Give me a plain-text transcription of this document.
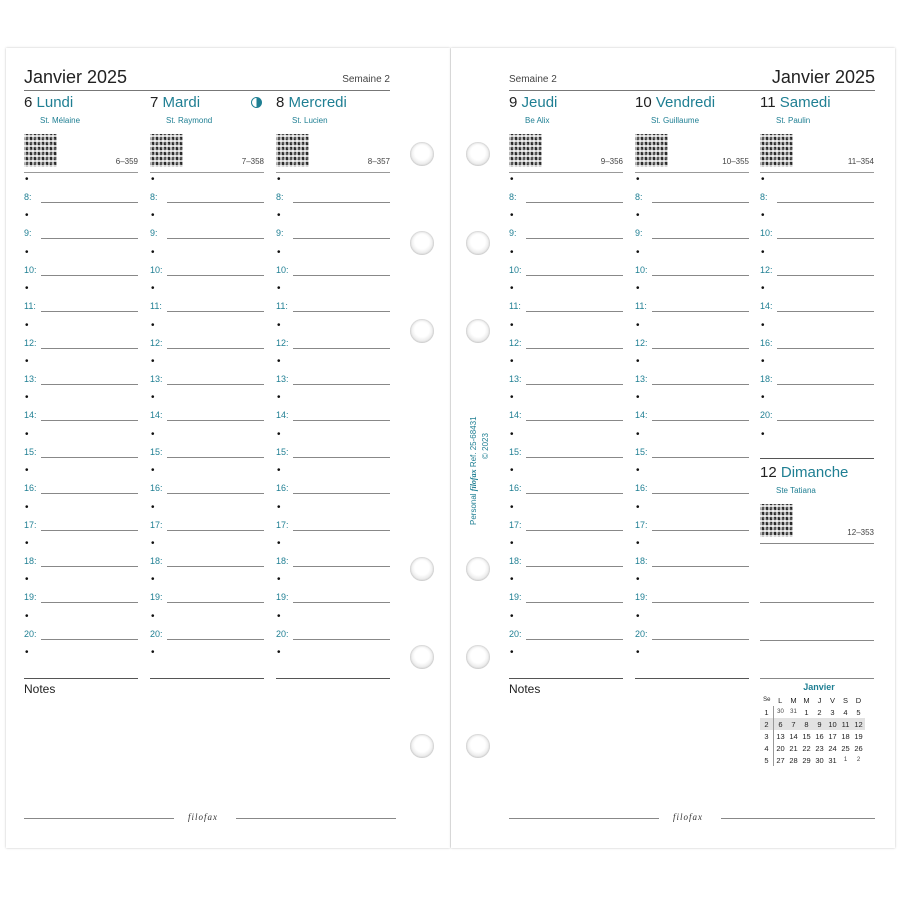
Janvier 2025	Semaine 2
6 Lundi
St. Mélaine
6–359
•
8:
•
9:
•
10:
•
11:
•
12:
•
13:
•
14:
•
15:
•
16:
•
17:
•
18:
•
19:
•
20:
•
7 Mardi
St. Raymond
7–358
•
8:
•
9:
•
10:
•
11:
•
12:
•
13:
•
14:
•
15:
•
16:
•
17:
•
18:
•
19:
•
20:
•
8 Mercredi
St. Lucien
8–357
•
8:
•
9:
•
10:
•
11:
•
12:
•
13:
•
14:
•
15:
•
16:
•
17:
•
18:
•
19:
•
20:
•
Notes
filofax
Semaine 2	Janvier 2025
9 Jeudi
Be Alix
9–356
•
8:
•
9:
•
10:
•
11:
•
12:
•
13:
•
14:
•
15:
•
16:
•
17:
•
18:
•
19:
•
20:
•
10 Vendredi
St. Guillaume
10–355
•
8:
•
9:
•
10:
•
11:
•
12:
•
13:
•
14:
•
15:
•
16:
•
17:
•
18:
•
19:
•
20:
•
11 Samedi
St. Paulin
11–354
•
8:
•
10:
•
12:
•
14:
•
16:
•
18:
•
20:
•
12 Dimanche
Ste Tatiana
12–353
Notes	Janvier
Se	L	M	M	J	V	S	D
1	30	31	1	2	3	4	5
2	6	7	8	9	10	11	12
3	13	14	15	16	17	18	19
4	20	21	22	23	24	25	26
5	27	28	29	30	31	1	2
filofax
Personal filofax Ref. 25-68431 © 2023
